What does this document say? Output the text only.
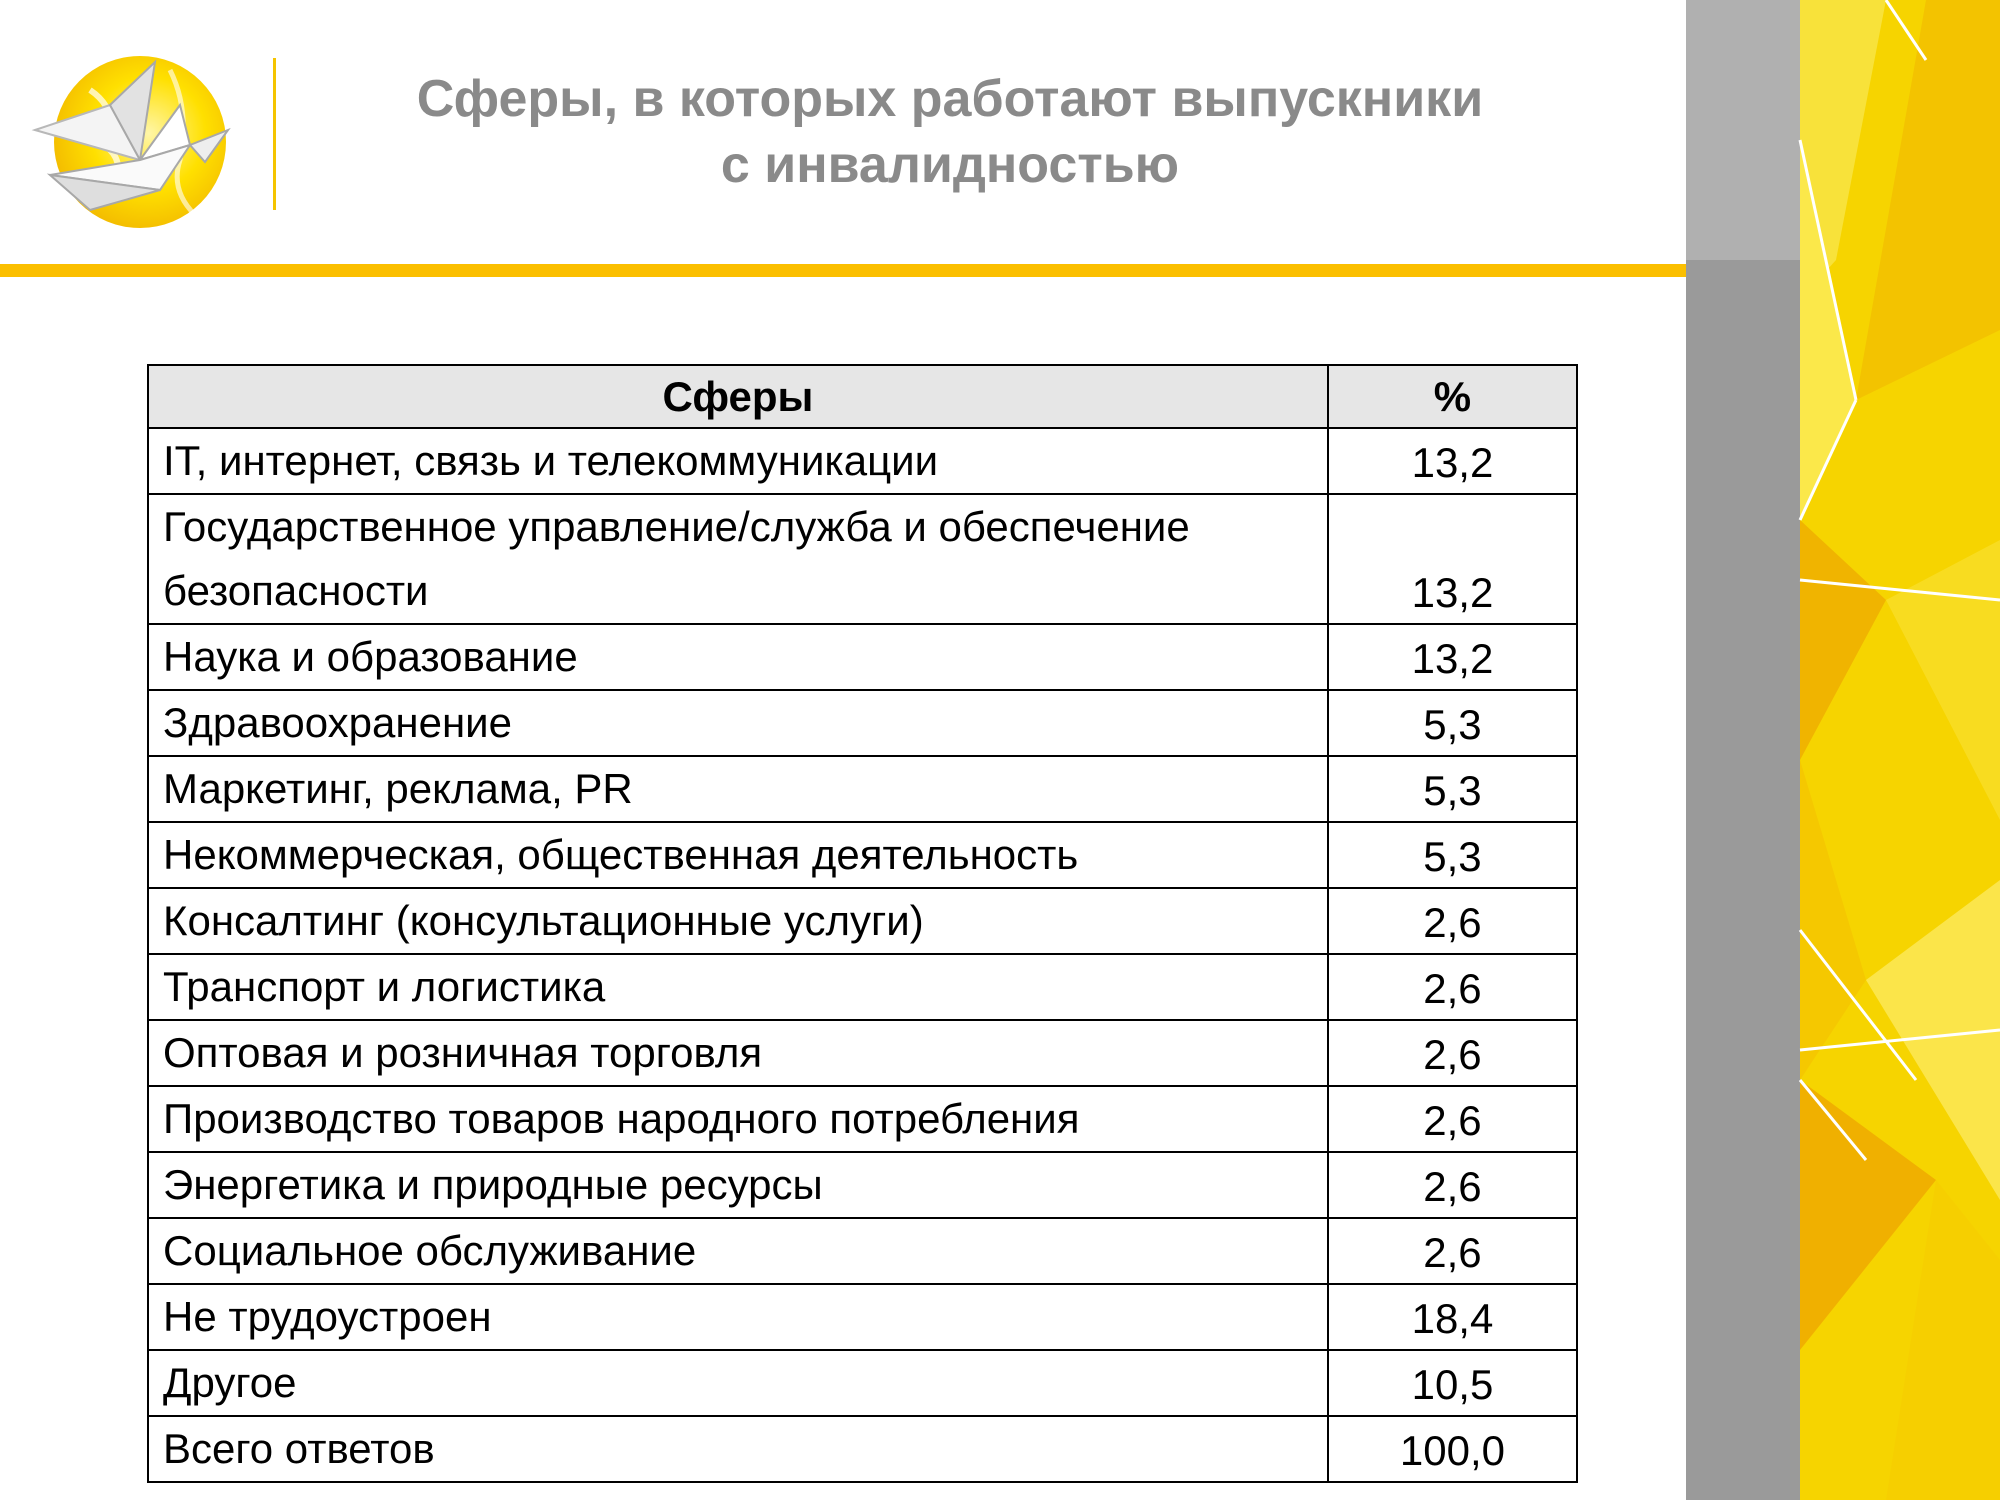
Сферы, в которых работают выпускники
с инвалидностью
Сферы	%
IT, интернет, связь и телекоммуникации	13,2
Государственное управление/служба и обеспечение безопасности	13,2
Наука и образование	13,2
Здравоохранение	5,3
Маркетинг, реклама, PR	5,3
Некоммерческая, общественная деятельность	5,3
Консалтинг (консультационные услуги)	2,6
Транспорт и логистика	2,6
Оптовая и розничная торговля	2,6
Производство товаров народного потребления	2,6
Энергетика и природные ресурсы	2,6
Социальное обслуживание	2,6
Не трудоустроен	18,4
Другое	10,5
Всего ответов	100,0
